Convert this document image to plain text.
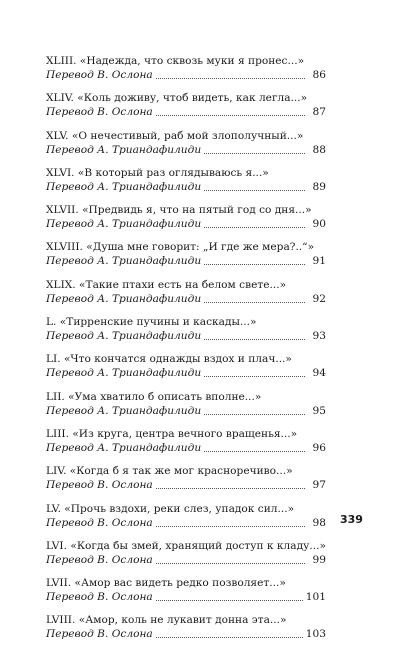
XLIII. «Надежда, что сквозь муки я пронес...»
Перевод В. Ослона	86
XLIV. «Коль доживу, чтоб видеть, как легла...»
Перевод В. Ослона	87
XLV. «О нечестивый, раб мой злополучный...»
Перевод А. Триандафилиди	88
XLVI. «В который раз оглядываюсь я...»
Перевод А. Триандафилиди	89
XLVII. «Предвидь я, что на пятый год со дня...»
Перевод А. Триандафилиди	90
XLVIII. «Душа мне говорит: „И где же мера?..“»
Перевод А. Триандафилиди	91
XLIX. «Такие птахи есть на белом свете...»
Перевод А. Триандафилиди	92
L. «Тирренские пучины и каскады...»
Перевод А. Триандафилиди	93
LI. «Что кончатся однажды вздох и плач...»
Перевод А. Триандафилиди	94
LII. «Ума хватило б описать вполне...»
Перевод А. Триандафилиди	95
LIII. «Из круга, центра вечного вращенья...»
Перевод А. Триандафилиди	96
LIV. «Когда б я так же мог красноречиво...»
Перевод В. Ослона	97
LV. «Прочь вздохи, реки слез, упадок сил...»
Перевод В. Ослона	98
LVI. «Когда бы змей, хранящий доступ к кладу...»
Перевод В. Ослона	99
LVII. «Амор вас видеть редко позволяет...»
Перевод В. Ослона	101
LVIII. «Амор, коль не лукавит донна эта...»
Перевод В. Ослона	103
339
